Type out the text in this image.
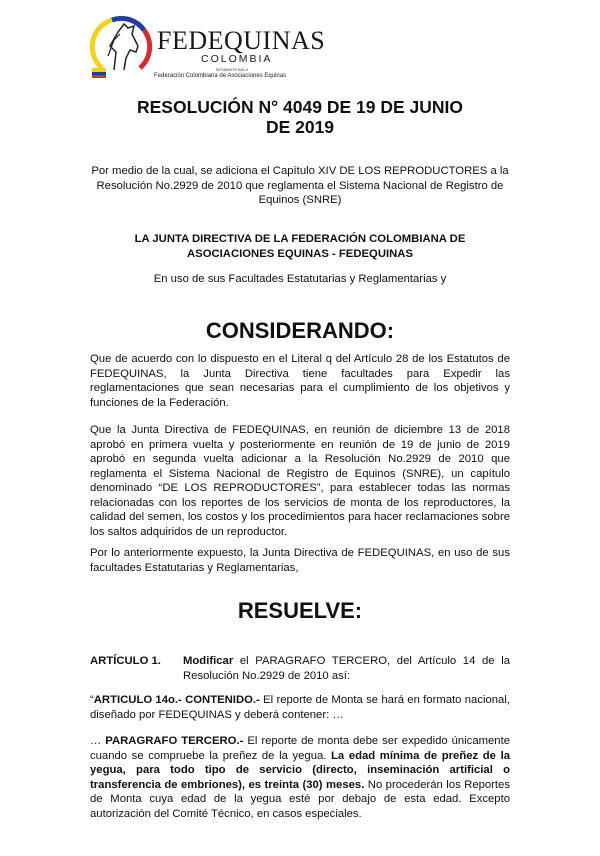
FEDEQUINAS
COLOMBIA
NIT.860079.943-4
Federación Colombiana de Asociaciones Equinas
RESOLUCIÓN N° 4049 DE 19 DE JUNIO
DE 2019
Por medio de la cual, se adiciona el Capítulo XIV DE LOS REPRODUCTORES a la Resolución No.2929 de 2010 que reglamenta el Sistema Nacional de Registro de Equinos (SNRE)
LA JUNTA DIRECTIVA DE LA FEDERACIÓN COLOMBIANA DE
ASOCIACIONES EQUINAS - FEDEQUINAS
En uso de sus Facultades Estatutarias y Reglamentarias y
CONSIDERANDO:
Que de acuerdo con lo dispuesto en el Literal q del Artículo 28 de los Estatutos de FEDEQUINAS, la Junta Directiva tiene facultades para Expedir las reglamentaciones que sean necesarias para el cumplimiento de los objetivos y funciones de la Federación.
Que la Junta Directiva de FEDEQUINAS, en reunión de diciembre 13 de 2018 aprobó en primera vuelta y posteriormente en reunión de 19 de junio de 2019 aprobó en segunda vuelta adicionar a la Resolución No.2929 de 2010 que reglamenta el Sistema Nacional de Registro de Equinos (SNRE), un capítulo denominado “DE LOS REPRODUCTORES”, para establecer todas las normas relacionadas con los reportes de los servicios de monta de los reproductores, la calidad del semen, los costos y los procedimientos para hacer reclamaciones sobre los saltos adquiridos de un reproductor.
Por lo anteriormente expuesto, la Junta Directiva de FEDEQUINAS, en uso de sus facultades Estatutarias y Reglamentarias,
RESUELVE:
ARTÍCULO 1. Modificar el PARAGRAFO TERCERO, del Artículo 14 de la Resolución No.2929 de 2010 así:
“ARTICULO 14o.- CONTENIDO.- El reporte de Monta se hará en formato nacional, diseñado por FEDEQUINAS y deberá contener: …
… PARAGRAFO TERCERO.- El reporte de monta debe ser expedido únicamente cuando se compruebe la preñez de la yegua. La edad mínima de preñez de la yegua, para todo tipo de servicio (directo, inseminación artificial o transferencia de embriones), es treinta (30) meses. No procederán los Reportes de Monta cuya edad de la yegua esté por debajo de esta edad. Excepto autorización del Comité Técnico, en casos especiales.
